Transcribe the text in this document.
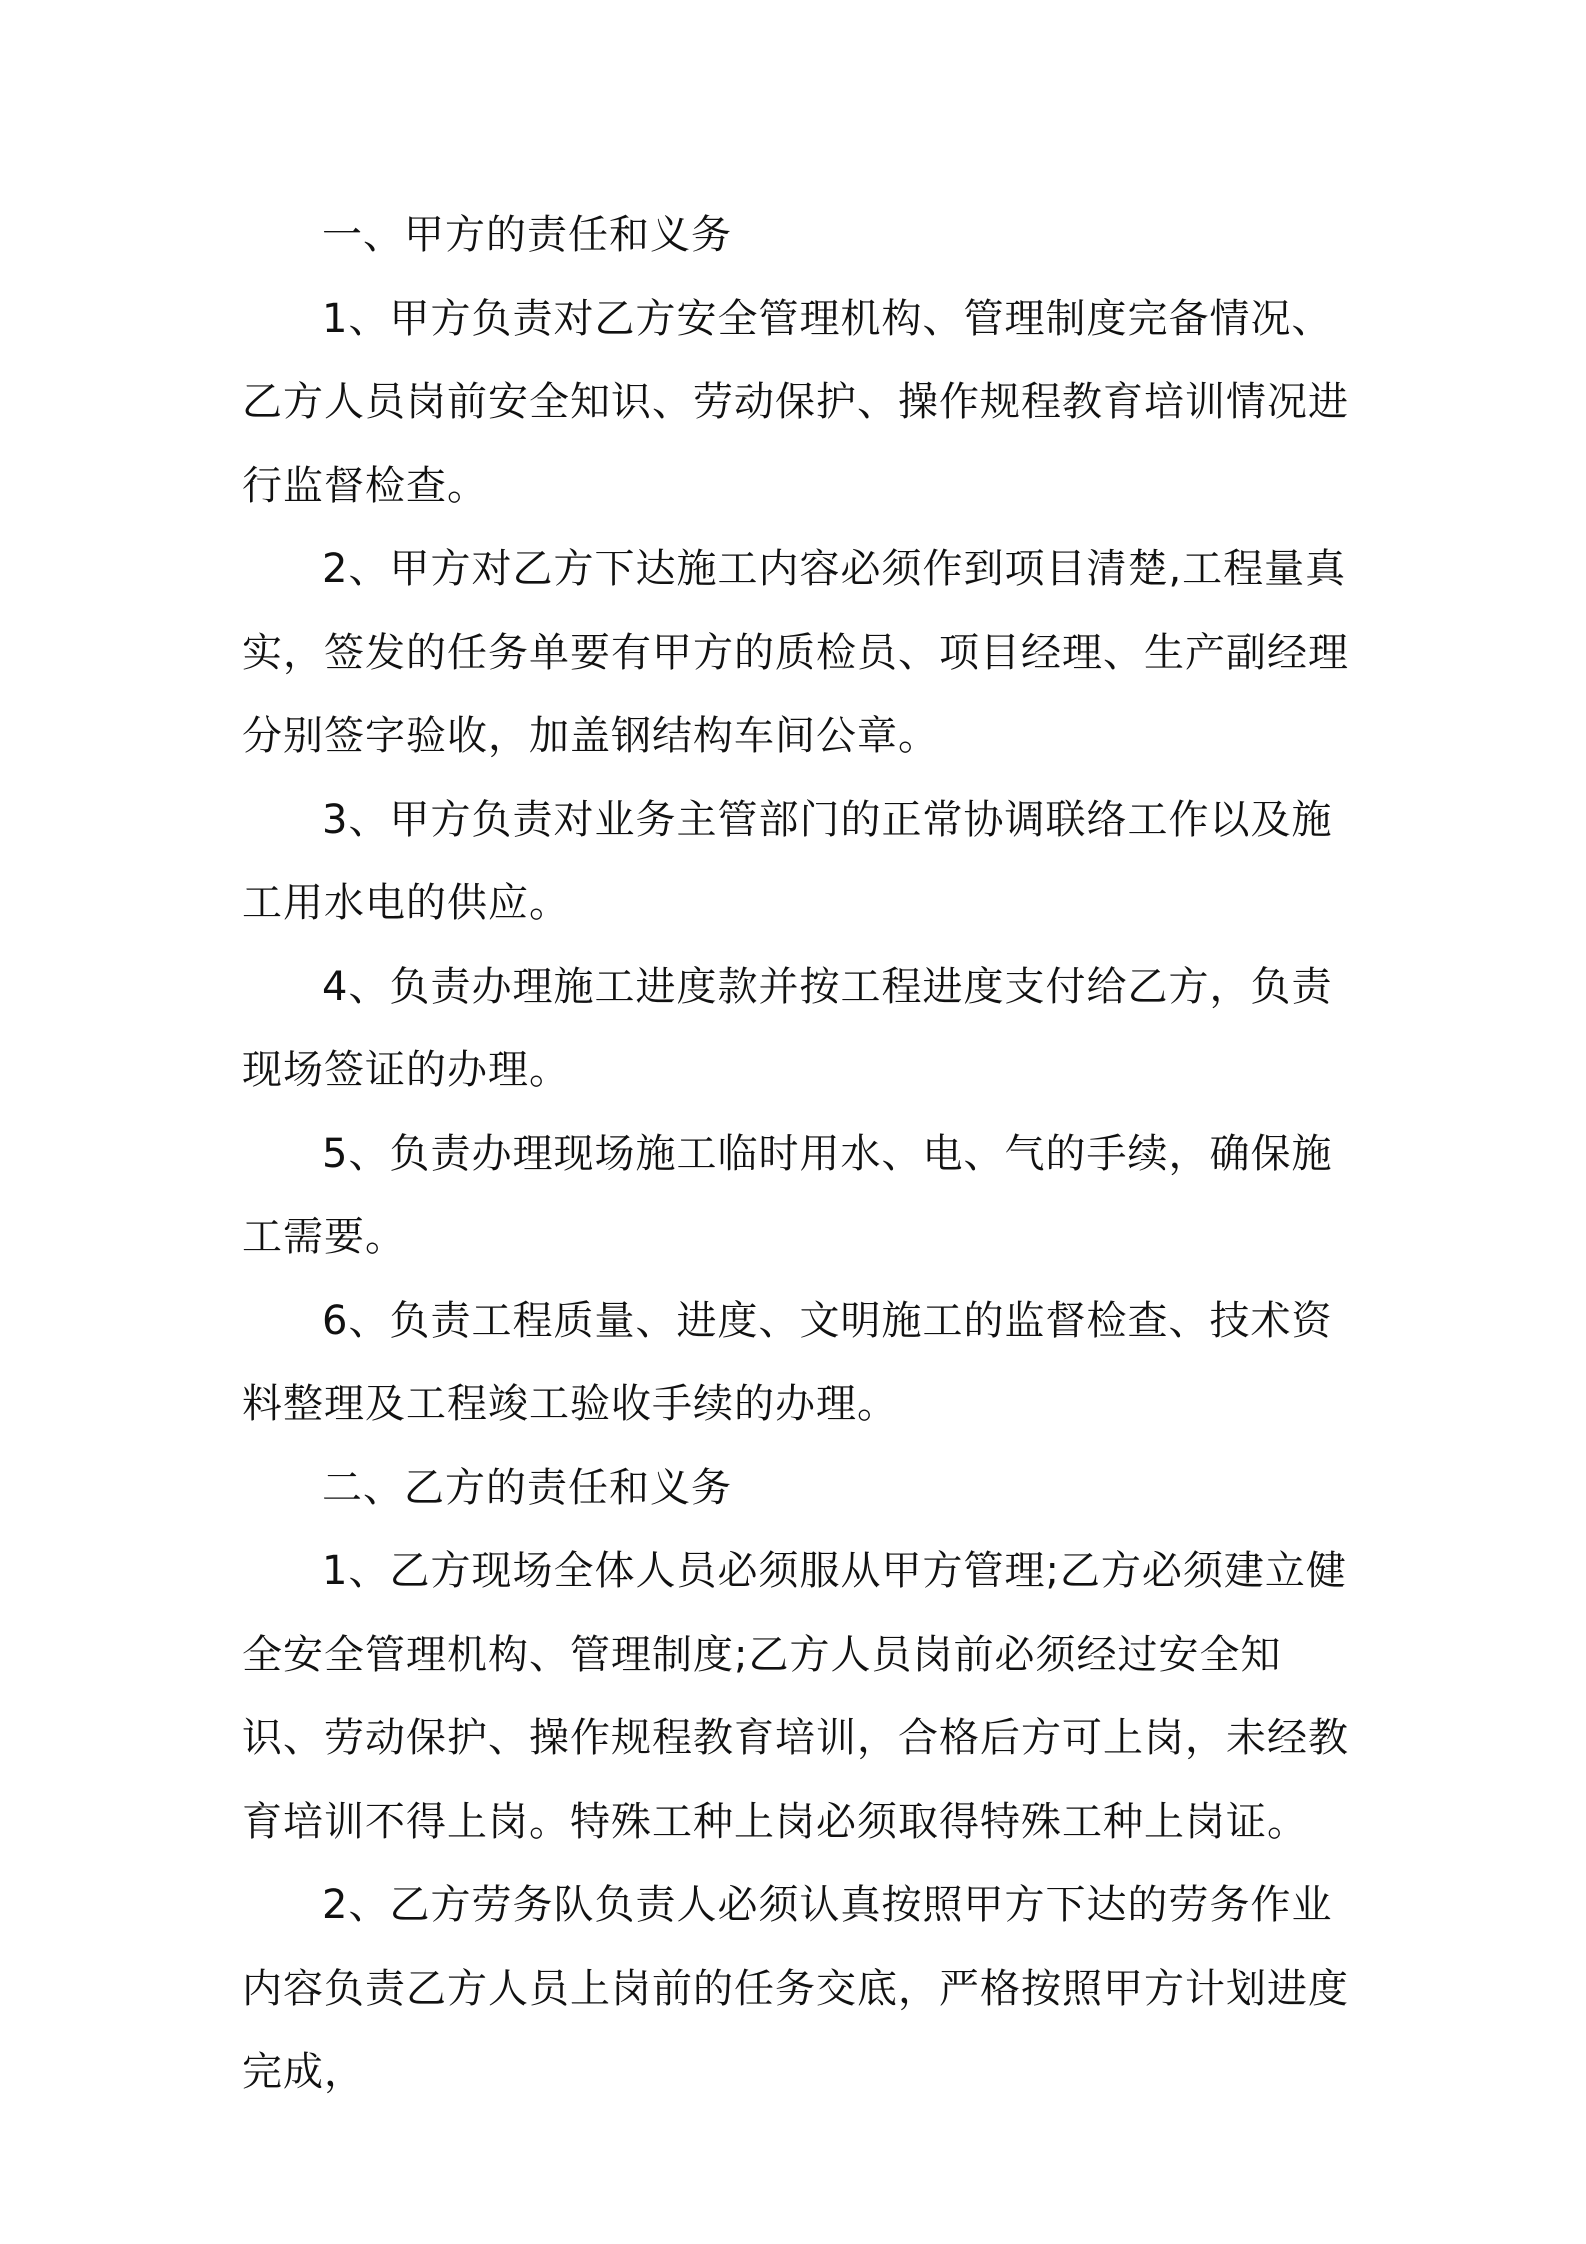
一、甲方的责任和义务

1、甲方负责对乙方安全管理机构、管理制度完备情况、乙方人员岗前安全知识、劳动保护、操作规程教育培训情况进行监督检查。

2、甲方对乙方下达施工内容必须作到项目清楚,工程量真实，签发的任务单要有甲方的质检员、项目经理、生产副经理分别签字验收，加盖钢结构车间公章。

3、甲方负责对业务主管部门的正常协调联络工作以及施工用水电的供应。

4、负责办理施工进度款并按工程进度支付给乙方，负责现场签证的办理。

5、负责办理现场施工临时用水、电、气的手续，确保施工需要。

6、负责工程质量、进度、文明施工的监督检查、技术资料整理及工程竣工验收手续的办理。

二、乙方的责任和义务

1、乙方现场全体人员必须服从甲方管理;乙方必须建立健全安全管理机构、管理制度;乙方人员岗前必须经过安全知识、劳动保护、操作规程教育培训，合格后方可上岗，未经教育培训不得上岗。特殊工种上岗必须取得特殊工种上岗证。

2、乙方劳务队负责人必须认真按照甲方下达的劳务作业内容负责乙方人员上岗前的任务交底，严格按照甲方计划进度完成，
